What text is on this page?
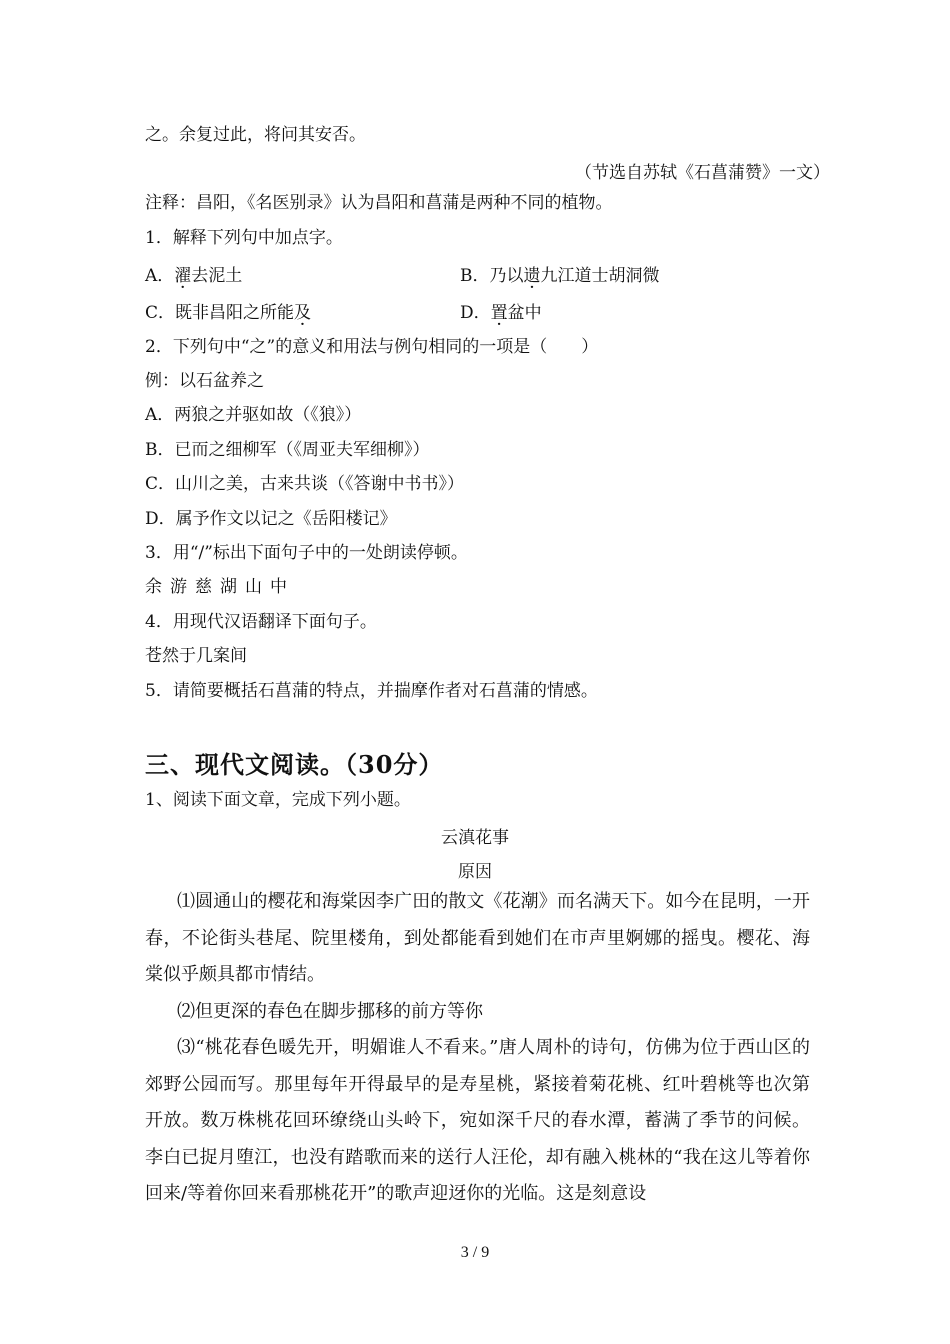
之。余复过此，将问其安否。
（节选自苏轼《石菖蒲赞》一文）
注释：昌阳，《名医别录》认为昌阳和菖蒲是两种不同的植物。
1．解释下列句中加点字。
A．濯去泥土	B．乃以遗九江道士胡洞微
C．既非昌阳之所能及	D．置盆中
2．下列句中“之”的意义和用法与例句相同的一项是（　　）
例：以石盆养之
A．两狼之并驱如故（《狼》）
B．已而之细柳军（《周亚夫军细柳》）
C．山川之美，古来共谈（《答谢中书书》）
D．属予作文以记之《岳阳楼记》
3．用“/”标出下面句子中的一处朗读停顿。
余游慈湖山中
4．用现代汉语翻译下面句子。
苍然于几案间
5．请简要概括石菖蒲的特点，并揣摩作者对石菖蒲的情感。
三、现代文阅读。（30分）
1、阅读下面文章，完成下列小题。
云滇花事
原因
⑴圆通山的樱花和海棠因李广田的散文《花潮》而名满天下。如今在昆明，一开春，不论街头巷尾、院里楼角，到处都能看到她们在市声里婀娜的摇曳。樱花、海棠似乎颇具都市情结。
⑵但更深的春色在脚步挪移的前方等你
⑶“桃花春色暖先开，明媚谁人不看来。”唐人周朴的诗句，仿佛为位于西山区的郊野公园而写。那里每年开得最早的是寿星桃，紧接着菊花桃、红叶碧桃等也次第开放。数万株桃花回环缭绕山头岭下，宛如深千尺的春水潭，蓄满了季节的问候。李白已捉月堕江，也没有踏歌而来的送行人汪伦，却有融入桃林的“我在这儿等着你回来/等着你回来看那桃花开”的歌声迎迓你的光临。这是刻意设
3 / 9
